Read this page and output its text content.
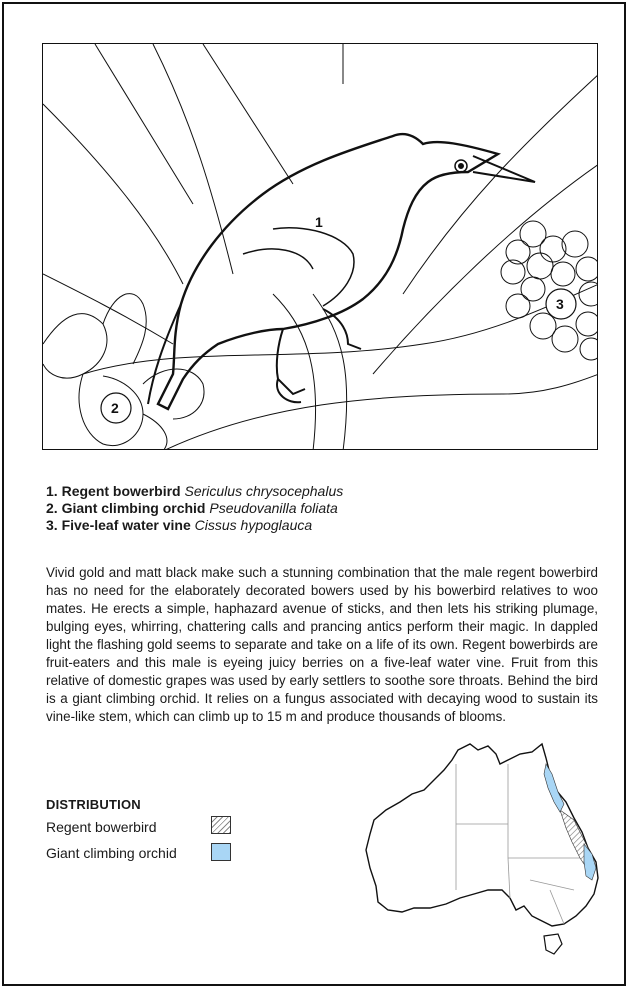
1
2
3
1. Regent bowerbird Sericulus chrysocephalus
2. Giant climbing orchid Pseudovanilla foliata
3. Five-leaf water vine Cissus hypoglauca

Vivid gold and matt black make such a stunning combination that the male regent bowerbird has no need for the elaborately decorated bowers used by his bowerbird relatives to woo mates. He erects a simple, haphazard avenue of sticks, and then lets his striking plumage, bulging eyes, whirring, chattering calls and prancing antics perform their magic. In dappled light the flashing gold seems to separate and take on a life of its own. Regent bowerbirds are fruit-eaters and this male is eyeing juicy berries on a five-leaf water vine. Fruit from this relative of domestic grapes was used by early settlers to soothe sore throats. Behind the bird is a giant climbing orchid. It relies on a fungus associated with decaying wood to sustain its vine-like stem, which can climb up to 15 m and produce thousands of blooms.

DISTRIBUTION
Regent bowerbird
Giant climbing orchid
